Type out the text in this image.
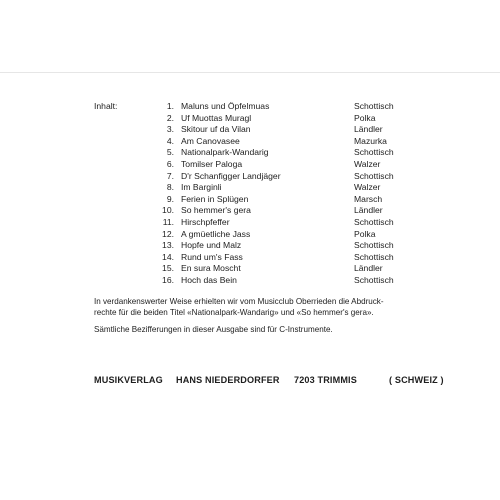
Inhalt:	1. Maluns und Öpfelmuas	Schottisch
2. Uf Muottas Muragl	Polka
3. Skitour uf da Vilan	Ländler
4. Am Canovasee	Mazurka
5. Nationalpark-Wandarig	Schottisch
6. Tomilser Paloga	Walzer
7. D'r Schanfigger Landjäger	Schottisch
8. Im Barginli	Walzer
9. Ferien in Splügen	Marsch
10. So hemmer's gera	Ländler
11. Hirschpfeffer	Schottisch
12. A gmüetliche Jass	Polka
13. Hopfe und Malz	Schottisch
14. Rund um's Fass	Schottisch
15. En sura Moscht	Ländler
16. Hoch das Bein	Schottisch

In verdankenswerter Weise erhielten wir vom Musicclub Oberrieden die Abdruck-

rechte für die beiden Titel «Nationalpark-Wandarig» und «So hemmer's gera».

Sämtliche Bezifferungen in dieser Ausgabe sind für C-Instrumente.

MUSIKVERLAG HANS NIEDERDORFER 7203 TRIMMIS	( SCHWEIZ )
